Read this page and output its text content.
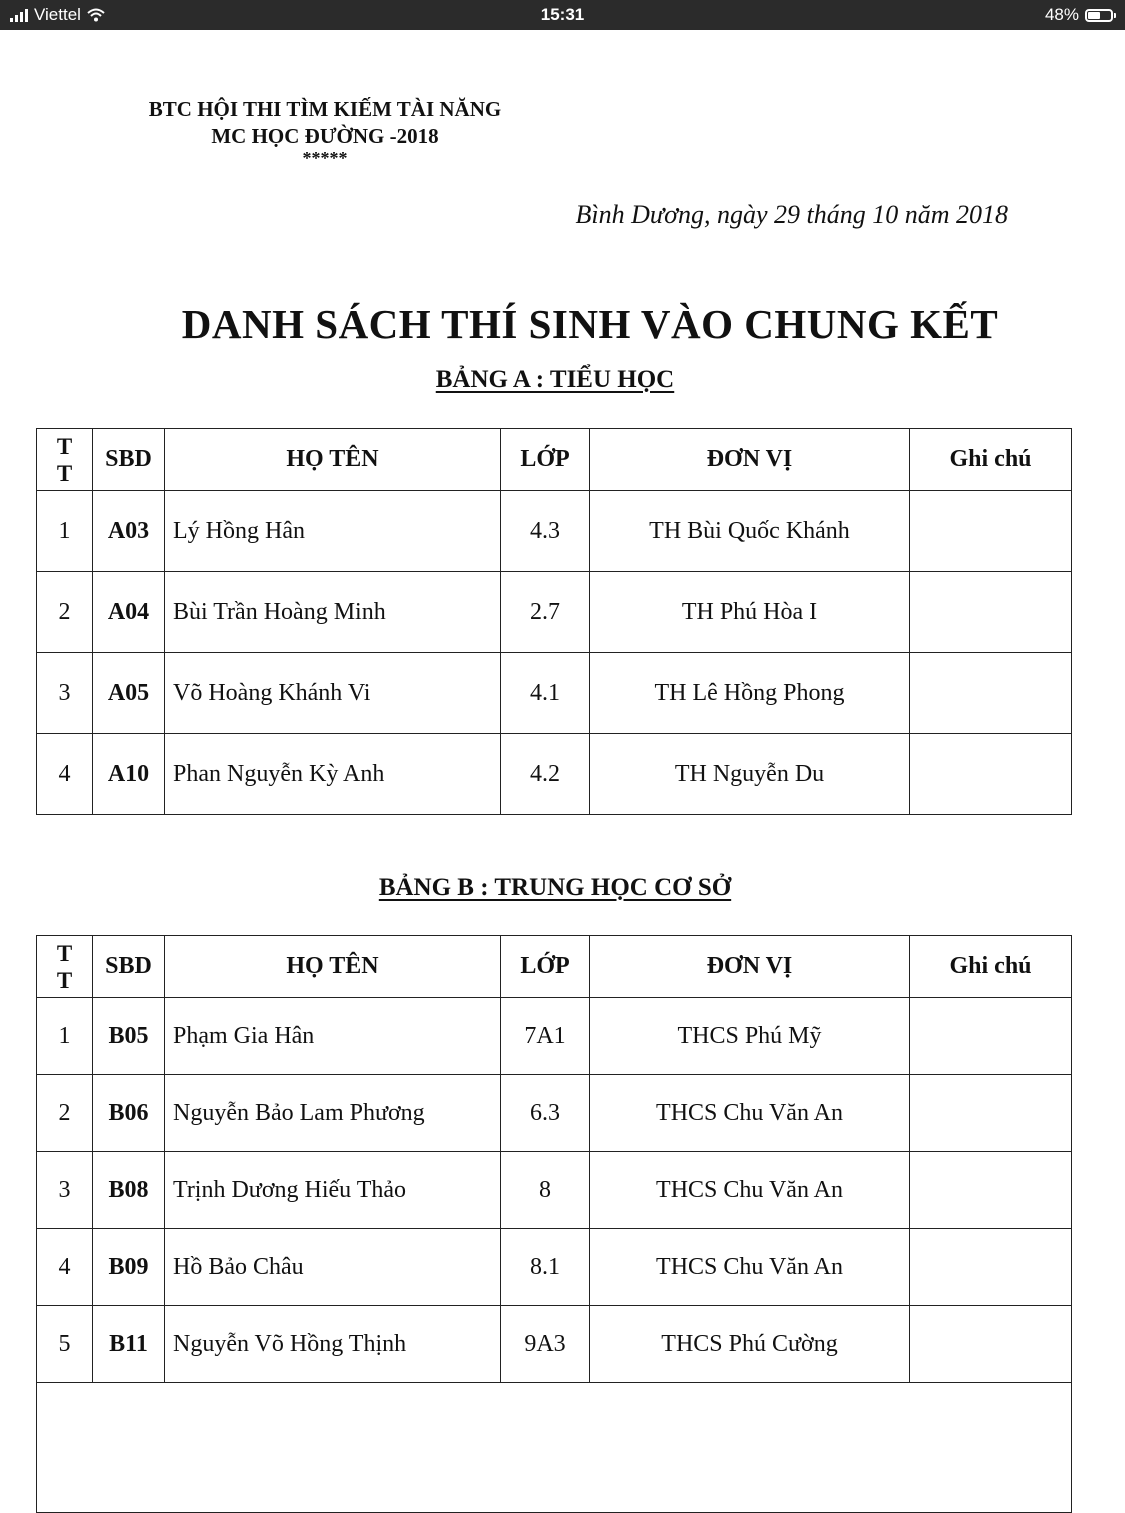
Viettel	15:31	48%
BTC HỘI THI TÌM KIẾM TÀI NĂNG
MC HỌC ĐƯỜNG -2018
*****
Bình Dương, ngày 29 tháng 10 năm 2018
DANH SÁCH THÍ SINH VÀO CHUNG KẾT
BẢNG A : TIỂU HỌC
T
T	SBD	HỌ TÊN	LỚP	ĐƠN VỊ	Ghi chú
1	A03	Lý Hồng Hân	4.3	TH Bùi Quốc Khánh	
2	A04	Bùi Trần Hoàng Minh	2.7	TH Phú Hòa I	
3	A05	Võ Hoàng Khánh Vi	4.1	TH Lê Hồng Phong	
4	A10	Phan Nguyễn Kỳ Anh	4.2	TH Nguyễn Du	
BẢNG B : TRUNG HỌC CƠ SỞ
T
T	SBD	HỌ TÊN	LỚP	ĐƠN VỊ	Ghi chú
1	B05	Phạm Gia Hân	7A1	THCS Phú Mỹ	
2	B06	Nguyễn Bảo Lam Phương	6.3	THCS Chu Văn An	
3	B08	Trịnh Dương Hiếu Thảo	8	THCS Chu Văn An	
4	B09	Hồ Bảo Châu	8.1	THCS Chu Văn An	
5	B11	Nguyễn Võ Hồng Thịnh	9A3	THCS Phú Cường	
